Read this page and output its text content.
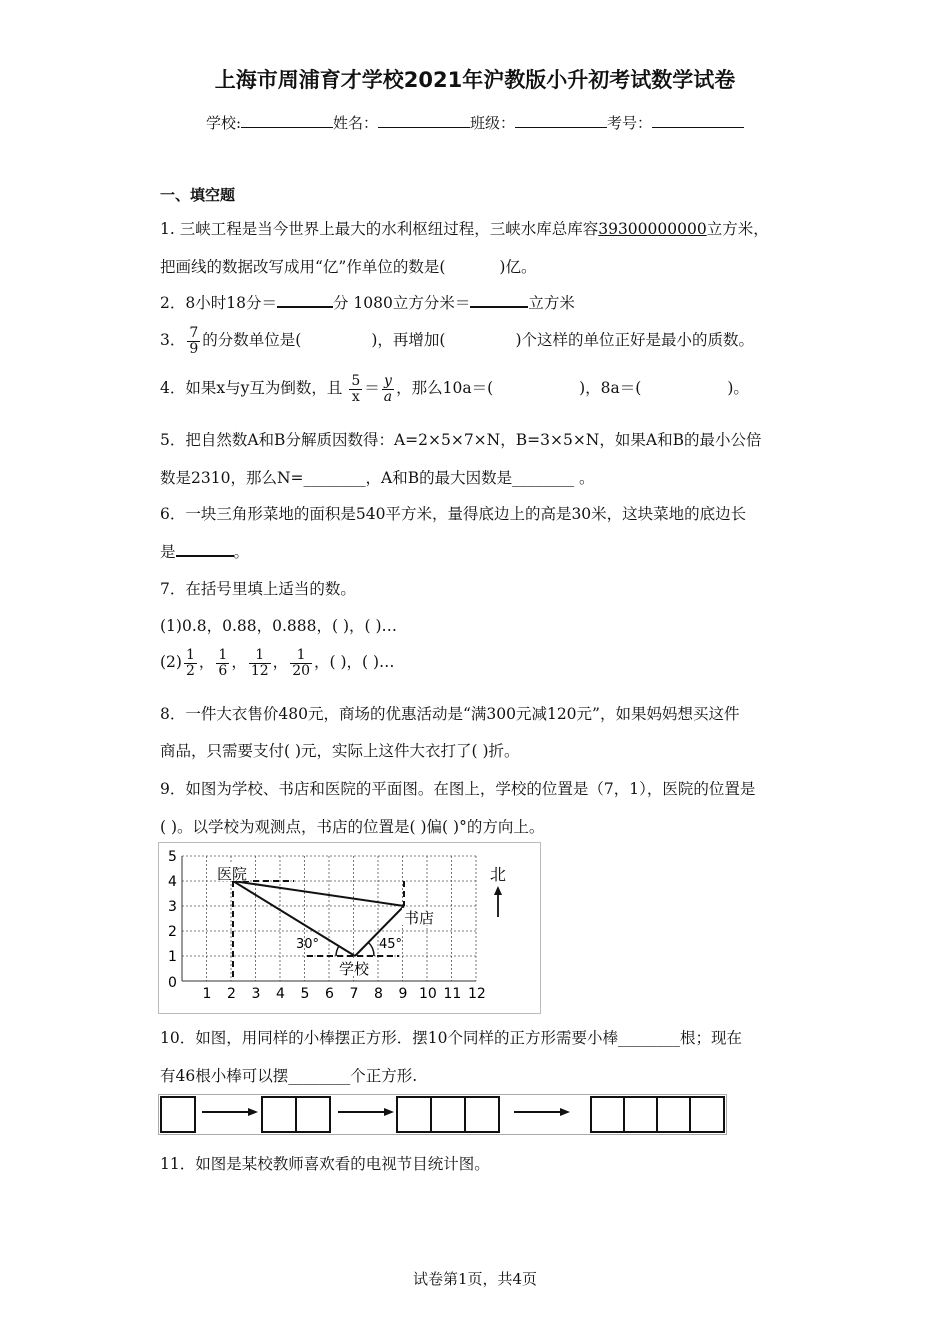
上海市周浦育才学校2021年沪教版小升初考试数学试卷
学校:	姓名：	班级：	考号：
一、填空题
1. 三峡工程是当今世界上最大的水利枢纽过程，三峡水库总库容39300000000立方米，
把画线的数据改写成用“亿”作单位的数是(	)亿。
2．8小时18分＝	分 1080立方分米＝	立方米
3． $\frac{7}{9}$ 的分数单位是(	)，再增加(	)个这样的单位正好是最小的质数。
4．如果x与y互为倒数，且 $\frac{5}{x} = \frac{y}{a}$ ，那么10a＝(	)，8a＝(	)。
5．把自然数A和B分解质因数得：A=2×5×7×N，B=3×5×N，如果A和B的最小公倍
数是2310，那么N=________，A和B的最大因数是________ 。
6．一块三角形菜地的面积是540平方米，量得底边上的高是30米，这块菜地的底边长
是	。
7．在括号里填上适当的数。
(1)0.8，0.88，0.888，( )，( )…
$(2) \frac{1}{2}$ ， $\frac{1}{6}$ ， $\frac{1}{12}$ ， $\frac{1}{20}$ ，( )，( )…
8．一件大衣售价480元，商场的优惠活动是“满300元减120元”，如果妈妈想买这件
商品，只需要支付( )元，实际上这件大衣打了( )折。
9．如图为学校、书店和医院的平面图。在图上，学校的位置是（7，1），医院的位置是
( )。以学校为观测点，书店的位置是( )偏( )°的方向上。
0
1 2 3 4 5 6 7 8 9 10 11 12
1
2
3
4
5
30°	45°
医院
书店
学校
北
10．如图，用同样的小棒摆正方形．摆10个同样的正方形需要小棒________根；现在
有46根小棒可以摆________个正方形.
11．如图是某校教师喜欢看的电视节目统计图。
试卷第1页，共4页
